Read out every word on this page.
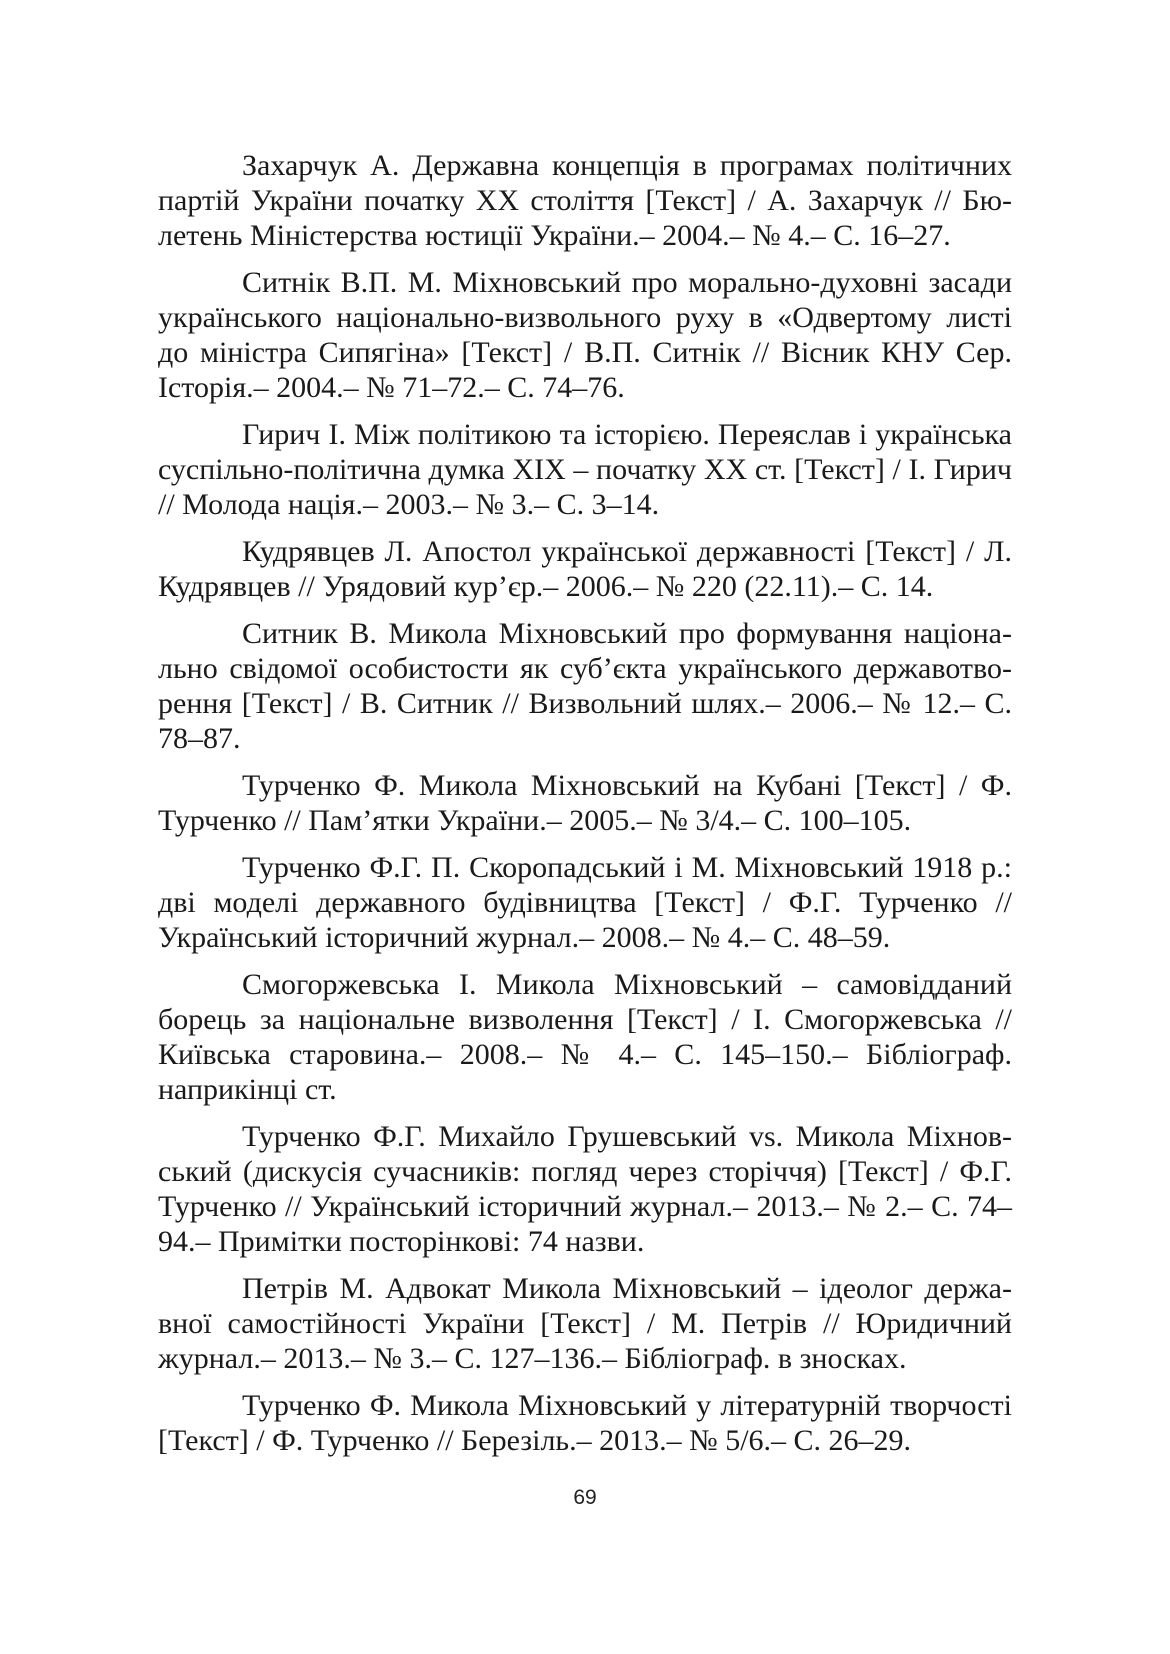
Захарчук А. Державна концепція в програмах політичних партій України початку XX століття [Текст] / А. Захарчук // Бюлетень Міністерства юстиції України.– 2004.– № 4.– С. 16–27.

Ситнік В.П. М. Міхновський про морально-духовні засади українського національно-визвольного руху в «Одвертому листі до міністра Сипягіна» [Текст] / В.П. Ситнік // Вісник КНУ Сер. Історія.– 2004.– № 71–72.– С. 74–76.

Гирич І. Між політикою та історією. Переяслав і українська суспільно-політична думка XIX – початку XX ст. [Текст] / І. Гирич // Молода нація.– 2003.– № 3.– С. 3–14.

Кудрявцев Л. Апостол української державності [Текст] / Л. Кудрявцев // Урядовий кур’єр.– 2006.– № 220 (22.11).– С. 14.

Ситник В. Микола Міхновський про формування національно свідомої особистости як суб’єкта українського державотворення [Текст] / В. Ситник // Визвольний шлях.– 2006.– № 12.– С. 78–87.

Турченко Ф. Микола Міхновський на Кубані [Текст] / Ф. Турченко // Пам’ятки України.– 2005.– № 3/4.– С. 100–105.

Турченко Ф.Г. П. Скоропадський і М. Міхновський 1918 р.: дві моделі державного будівництва [Текст] / Ф.Г. Турченко // Український історичний журнал.– 2008.– № 4.– С. 48–59.

Смогоржевська І. Микола Міхновський – самовідданий борець за національне визволення [Текст] / І. Смогоржевська // Київська старовина.– 2008.– № 4.– С. 145–150.– Бібліограф. наприкінці ст.

Турченко Ф.Г. Михайло Грушевський vs. Микола Міхновський (дискусія сучасників: погляд через сторіччя) [Текст] / Ф.Г. Турченко // Український історичний журнал.– 2013.– № 2.– С. 74–94.– Примітки посторінкові: 74 назви.

Петрів М. Адвокат Микола Міхновський – ідеолог державної самостійності України [Текст] / М. Петрів // Юридичний журнал.– 2013.– № 3.– С. 127–136.– Бібліограф. в зносках.

Турченко Ф. Микола Міхновський у літературній творчості [Текст] / Ф. Турченко // Березіль.– 2013.– № 5/6.– С. 26–29.

69
